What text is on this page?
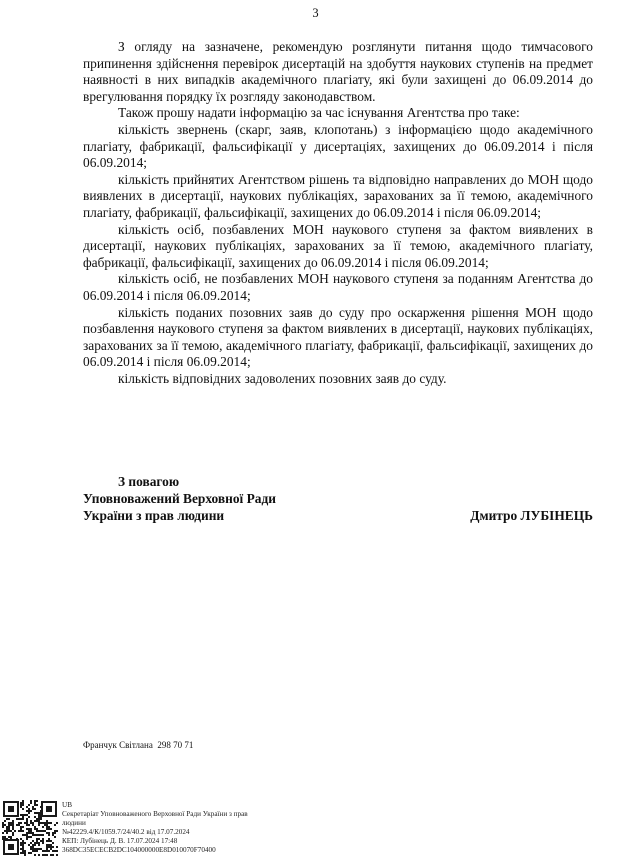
3

З огляду на зазначене, рекомендую розглянути питання щодо тимчасового припинення здійснення перевірок дисертацій на здобуття наукових ступенів на предмет наявності в них випадків академічного плагіату, які були захищені до 06.09.2014 до врегулювання порядку їх розгляду законодавством.

Також прошу надати інформацію за час існування Агентства про таке:

кількість звернень (скарг, заяв, клопотань) з інформацією щодо академічного плагіату, фабрикації, фальсифікації у дисертаціях, захищених до 06.09.2014 і після 06.09.2014;

кількість прийнятих Агентством рішень та відповідно направлених до МОН щодо виявлених в дисертації, наукових публікаціях, зарахованих за її темою, академічного плагіату, фабрикації, фальсифікації, захищених до 06.09.2014 і після 06.09.2014;

кількість осіб, позбавлених МОН наукового ступеня за фактом виявлених в дисертації, наукових публікаціях, зарахованих за її темою, академічного плагіату, фабрикації, фальсифікації, захищених до 06.09.2014 і після 06.09.2014;

кількість осіб, не позбавлених МОН наукового ступеня за поданням Агентства до 06.09.2014 і після 06.09.2014;

кількість поданих позовних заяв до суду про оскарження рішення МОН щодо позбавлення наукового ступеня за фактом виявлених в дисертації, наукових публікаціях, зарахованих за її темою, академічного плагіату, фабрикації, фальсифікації, захищених до 06.09.2014 і після 06.09.2014;

кількість відповідних задоволених позовних заяв до суду.

З повагою
Уповноважений Верховної Ради
України з прав людини	Дмитро ЛУБІНЕЦЬ
Франчук Світлана  298 70 71
UB
Секретаріат Уповноваженого Верховної Ради України з прав
людини
№42229.4/К/1059.7/24/40.2 від 17.07.2024
КЕП: Лубінець Д. В. 17.07.2024 17:48
368DC35ECECB2DC104000000E8D010070F70400
